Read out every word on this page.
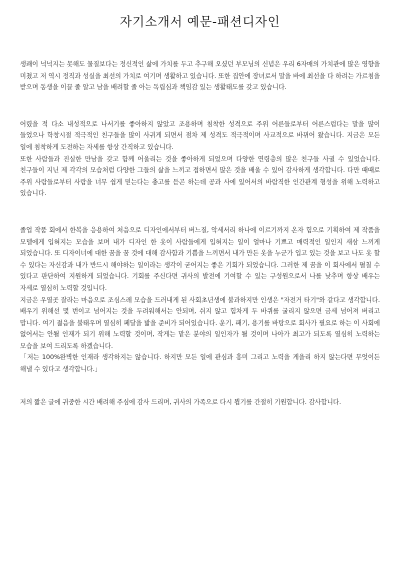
자기소개서 예문-패션디자인

생쾌이 넉넉지는 못해도 물질보다는 정신적인 삶에 가치를 두고 추구해 오셨던 부모님의 신념은 우리 6자매의 가치관에 많은 영향을 미쳤고 저 역시 정직과 성실을 최선의 가치로 여기며 생활하고 있습니다. 또한 집안에 장녀로서 말을 바에 최선을 다 하려는 가르침을 받으며 동생을 이끌 줄 알고 남을 배려할 줄 아는 독립심과 책임감 있는 생활태도를 갖고 있습니다.

어렸을 적 다소 내성적으로 나서기를 좋아하지 않았고 조용하며 침착한 성격으로 주위 어른들로부터 어른스럽다는 말을 많이 들었으나 학창시절 적극적인 친구들을 많이 사귀게 되면서 점차 제 성격도 적극적이며 사교적으로 바뀌어 왔습니다. 지금은 모든 일에 침착하게 도전하는 자세를 항상 간직하고 있습니다.
또한 사람들과 진실한 만남을 갖고 함께 어울리는 것을 좋아하게 되었으며 다양한 연령층의 많은 친구들 사귈 수 있었습니다. 친구들이 지닌 제 각각의 모습처럼 다양한 그들의 삶을 느끼고 접하면서 많은 것을 배울 수 있어 감사하게 생각합니다. 다만 때때로 주위 사람들로부터 사람을 너무 쉽게 믿는다는 충고를 듣곤 하는데 공과 사에 있어서의 바람직한 인간관계 형성을 위해 노력하고 있습니다.

졸업 작품 회에서 한복을 응용하여 처음으로 디자인에서부터 버느질, 악세서리 하나에 이르기까지 온자 힘으로 기획하여 제 작품을 모델에게 입혀지는 모습을 보며 내가 디자인 한 옷이 사람들에게 입혀지는 일이 얼마나 기쁘고 매력적인 일인지 새삼 느끼게 되었습니다. 또 디자이너에 대한 꿈을 꿈 것에 대해 감사함과 기쁨을 느끼면서 내가 만든 옷을 누군가 입고 있는 것을 보고 나도 옷 할 수 있다는 자신감과 내가 반드시 해야하는 일이라는 생각이 굳어지는 좋은 기회가 되었습니다. 그러한 제 꿈을 이 회사에서 펼칠 수 있다고 판단하여 지원하게 되었습니다. 기회를 주신다면 귀사의 발전에 기여할 수 있는 구성원으로서 나를 낮추며 항상 배우는 자세로 열심히 노력할 것입니다.
지금은 우열곳 잘라는 마음으로 조심스레 모습을 드러내게 된 사회초년생에 불과하지만 인생은 "자전거 타기"와 같다고 생각합니다. 배우기 위해선 몇 번이고 넘어지는 것을 두려워해서는 안되며, 쉬지 않고 힘차게 두 바퀴를 굴리지 않으면 금세 넘어져 버리고 맙니다. 여기 젊음을 불태우며 열심히 페달을 밟을 준비가 되어있습니다. 운기, 패기, 용기를 바탕으로 회사가 필요로 하는 이 사회에 없어서는 안될 인재가 되기 위해 노력할 것이며, 작게는 맡은 분야의 일인자가 될 것이며 나아가 최고가 되도록 열심히 노력하는 모습을 보여 드리도록 하겠습니다.
「저는 100%완벽한 인재라 생각하지는 않습니다. 하지만 모든 일에 관심과 흥미 그리고 노력을 게을리 하지 않는다면 무엇이든 해낼 수 있다고 생각합니다.」

저의 짧은 글에 귀중한 시간 배려해 주심에 감사 드리며, 귀사의 가족으로 다시 뵙기를 간절히 기원합니다. 감사합니다.
